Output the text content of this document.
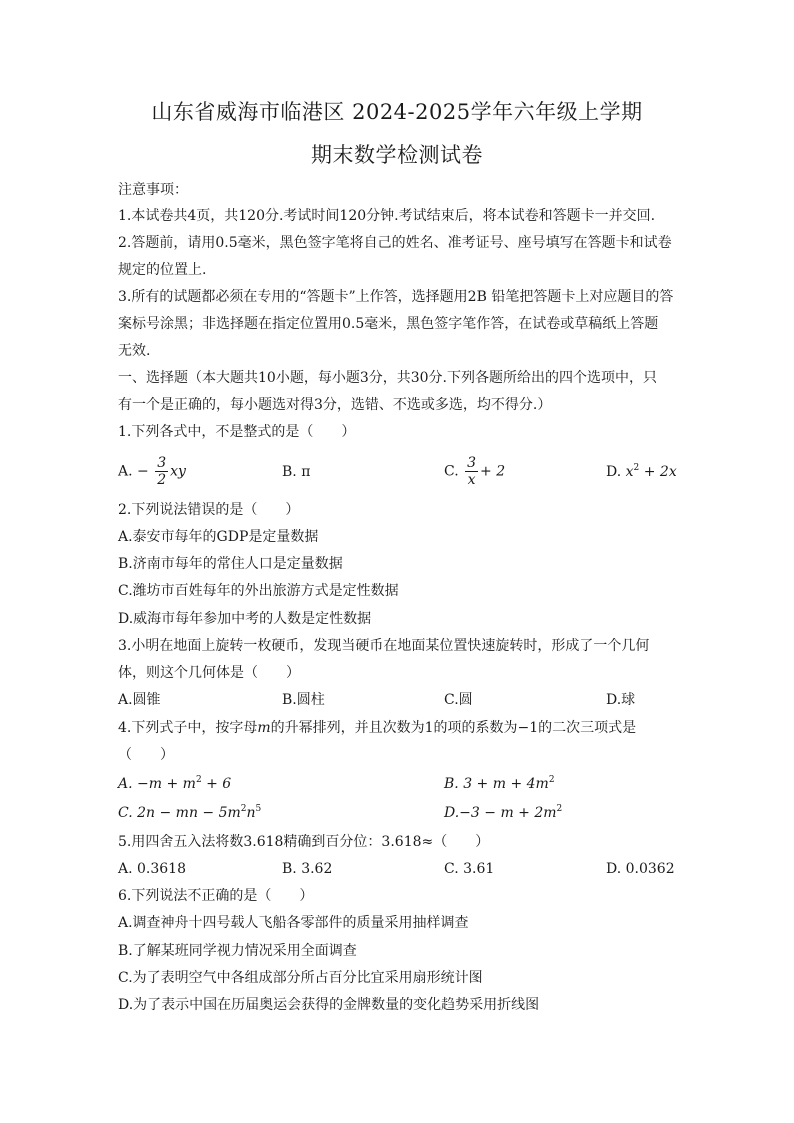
山东省威海市临港区 2024-2025学年六年级上学期
期末数学检测试卷
注意事项：
1.本试卷共4页，共120分.考试时间120分钟.考试结束后，将本试卷和答题卡一并交回.
2.答题前，请用0.5毫米，黑色签字笔将自己的姓名、准考证号、座号填写在答题卡和试卷
规定的位置上.
3.所有的试题都必须在专用的“答题卡”上作答，选择题用2B 铅笔把答题卡上对应题目的答
案标号涂黑；非选择题在指定位置用0.5毫米，黑色签字笔作答，在试卷或草稿纸上答题
无效.
一、选择题（本大题共10小题，每小题3分，共30分.下列各题所给出的四个选项中，只
有一个是正确的，每小题选对得3分，选错、不选或多选，均不得分.）
1.下列各式中，不是整式的是（　　）
A. − $\frac{3}{2}$ xy	B. π	C. $\frac{3}{x} + 2$	D. $x^2 + 2x$
2.下列说法错误的是（　　）
A.泰安市每年的GDP是定量数据
B.济南市每年的常住人口是定量数据
C.潍坊市百姓每年的外出旅游方式是定性数据
D.威海市每年参加中考的人数是定性数据
3.小明在地面上旋转一枚硬币，发现当硬币在地面某位置快速旋转时，形成了一个几何
体，则这个几何体是（　　）
A.圆锥	B.圆柱	C.圆	D.球
4.下列式子中，按字母m的升幂排列，并且次数为1的项的系数为−1的二次三项式是
（　　）
A. $-m + m^2 + 6$	B. $3 + m + 4m^2$
C. 2n − mn − $5m^2n^5$	$D.-3 - m + 2m^2$
5.用四舍五入法将数3.618精确到百分位：3.618≈（　　）
A. 0.3618	B. 3.62	C. 3.61	D. 0.0362
6.下列说法不正确的是（　　）
A.调查神舟十四号载人飞船各零部件的质量采用抽样调查
B.了解某班同学视力情况采用全面调查
C.为了表明空气中各组成部分所占百分比宜采用扇形统计图
D.为了表示中国在历届奥运会获得的金牌数量的变化趋势采用折线图
